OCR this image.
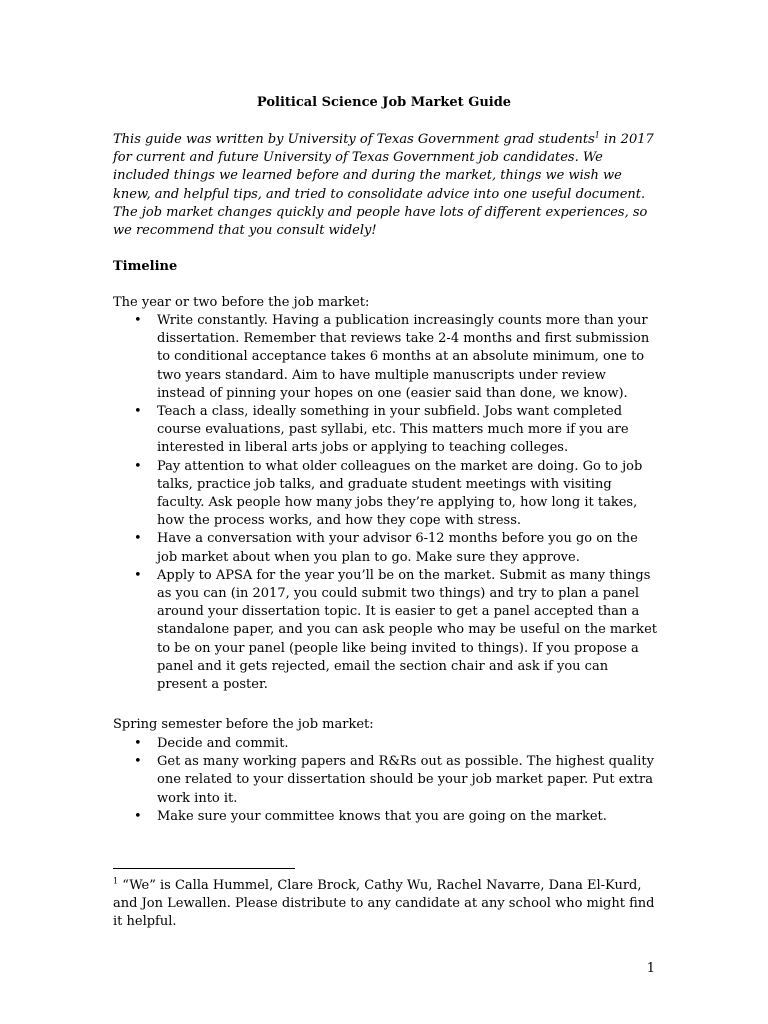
Political Science Job Market Guide

This guide was written by University of Texas Government grad students$^1$ in 2017 for current and future University of Texas Government job candidates. We included things we learned before and during the market, things we wish we knew, and helpful tips, and tried to consolidate advice into one useful document. The job market changes quickly and people have lots of different experiences, so we recommend that you consult widely!

Timeline
The year or two before the job market:
• Write constantly. Having a publication increasingly counts more than your dissertation. Remember that reviews take 2-4 months and first submission to conditional acceptance takes 6 months at an absolute minimum, one to two years standard. Aim to have multiple manuscripts under review instead of pinning your hopes on one (easier said than done, we know).
• Teach a class, ideally something in your subfield. Jobs want completed course evaluations, past syllabi, etc. This matters much more if you are interested in liberal arts jobs or applying to teaching colleges.
• Pay attention to what older colleagues on the market are doing. Go to job talks, practice job talks, and graduate student meetings with visiting faculty. Ask people how many jobs they’re applying to, how long it takes, how the process works, and how they cope with stress.
• Have a conversation with your advisor 6-12 months before you go on the job market about when you plan to go. Make sure they approve.
• Apply to APSA for the year you’ll be on the market. Submit as many things as you can (in 2017, you could submit two things) and try to plan a panel around your dissertation topic. It is easier to get a panel accepted than a standalone paper, and you can ask people who may be useful on the market to be on your panel (people like being invited to things). If you propose a panel and it gets rejected, email the section chair and ask if you can present a poster.
Spring semester before the job market:
• Decide and commit.
• Get as many working papers and R&Rs out as possible. The highest quality one related to your dissertation should be your job market paper. Put extra work into it.
• Make sure your committee knows that you are going on the market.

$^1$ “We” is Calla Hummel, Clare Brock, Cathy Wu, Rachel Navarre, Dana El-Kurd, and Jon Lewallen. Please distribute to any candidate at any school who might find it helpful.

1
